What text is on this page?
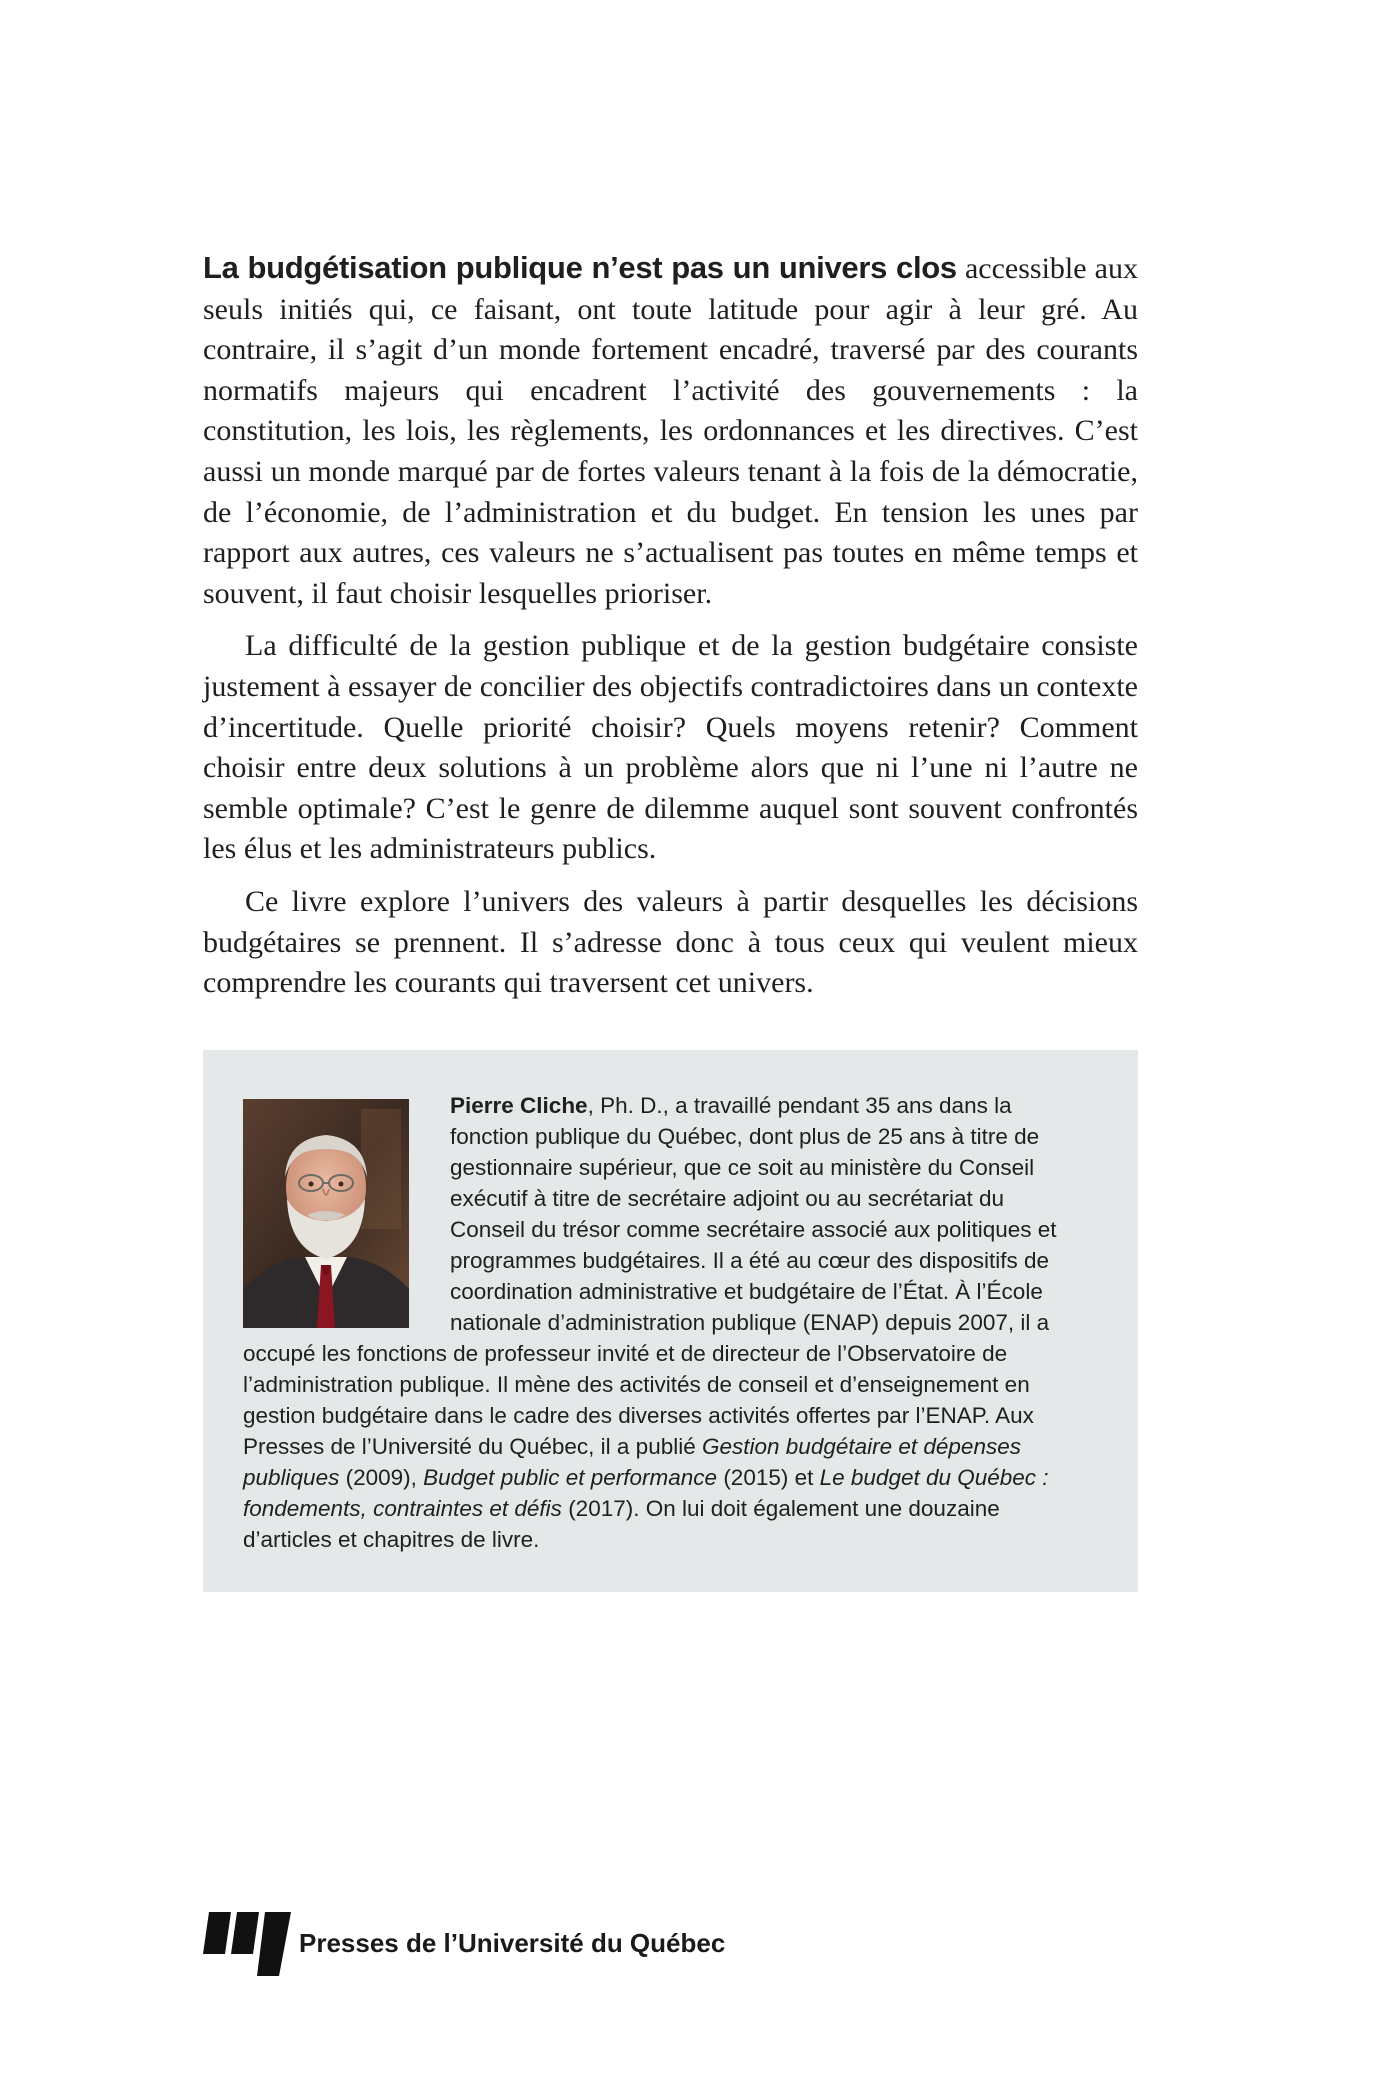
La budgétisation publique n’est pas un univers clos accessible aux seuls initiés qui, ce faisant, ont toute latitude pour agir à leur gré. Au contraire, il s’agit d’un monde fortement encadré, traversé par des courants normatifs majeurs qui encadrent l’activité des gouvernements : la constitution, les lois, les règlements, les ordonnances et les directives. C’est aussi un monde marqué par de fortes valeurs tenant à la fois de la démocratie, de l’économie, de l’administration et du budget. En tension les unes par rapport aux autres, ces valeurs ne s’actualisent pas toutes en même temps et souvent, il faut choisir lesquelles prioriser.

La difficulté de la gestion publique et de la gestion budgétaire consiste justement à essayer de concilier des objectifs contradictoires dans un contexte d’incertitude. Quelle priorité choisir? Quels moyens retenir? Comment choisir entre deux solutions à un problème alors que ni l’une ni l’autre ne semble optimale? C’est le genre de dilemme auquel sont souvent confrontés les élus et les administrateurs publics.

Ce livre explore l’univers des valeurs à partir desquelles les décisions budgétaires se prennent. Il s’adresse donc à tous ceux qui veulent mieux comprendre les courants qui traversent cet univers.

Pierre Cliche, Ph. D., a travaillé pendant 35 ans dans la fonction publique du Québec, dont plus de 25 ans à titre de gestionnaire supérieur, que ce soit au ministère du Conseil exécutif à titre de secrétaire adjoint ou au secrétariat du Conseil du trésor comme secrétaire associé aux politiques et programmes budgétaires. Il a été au cœur des dispositifs de coordination administrative et budgétaire de l’État. À l’École nationale d’administration publique (ENAP) depuis 2007, il a occupé les fonctions de professeur invité et de directeur de l’Observatoire de l’administration publique. Il mène des activités de conseil et d’enseignement en gestion budgétaire dans le cadre des diverses activités offertes par l’ENAP. Aux Presses de l’Université du Québec, il a publié Gestion budgétaire et dépenses publiques (2009), Budget public et performance (2015) et Le budget du Québec : fondements, contraintes et défis (2017). On lui doit également une douzaine d’articles et chapitres de livre.
Presses de l’Université du Québec
